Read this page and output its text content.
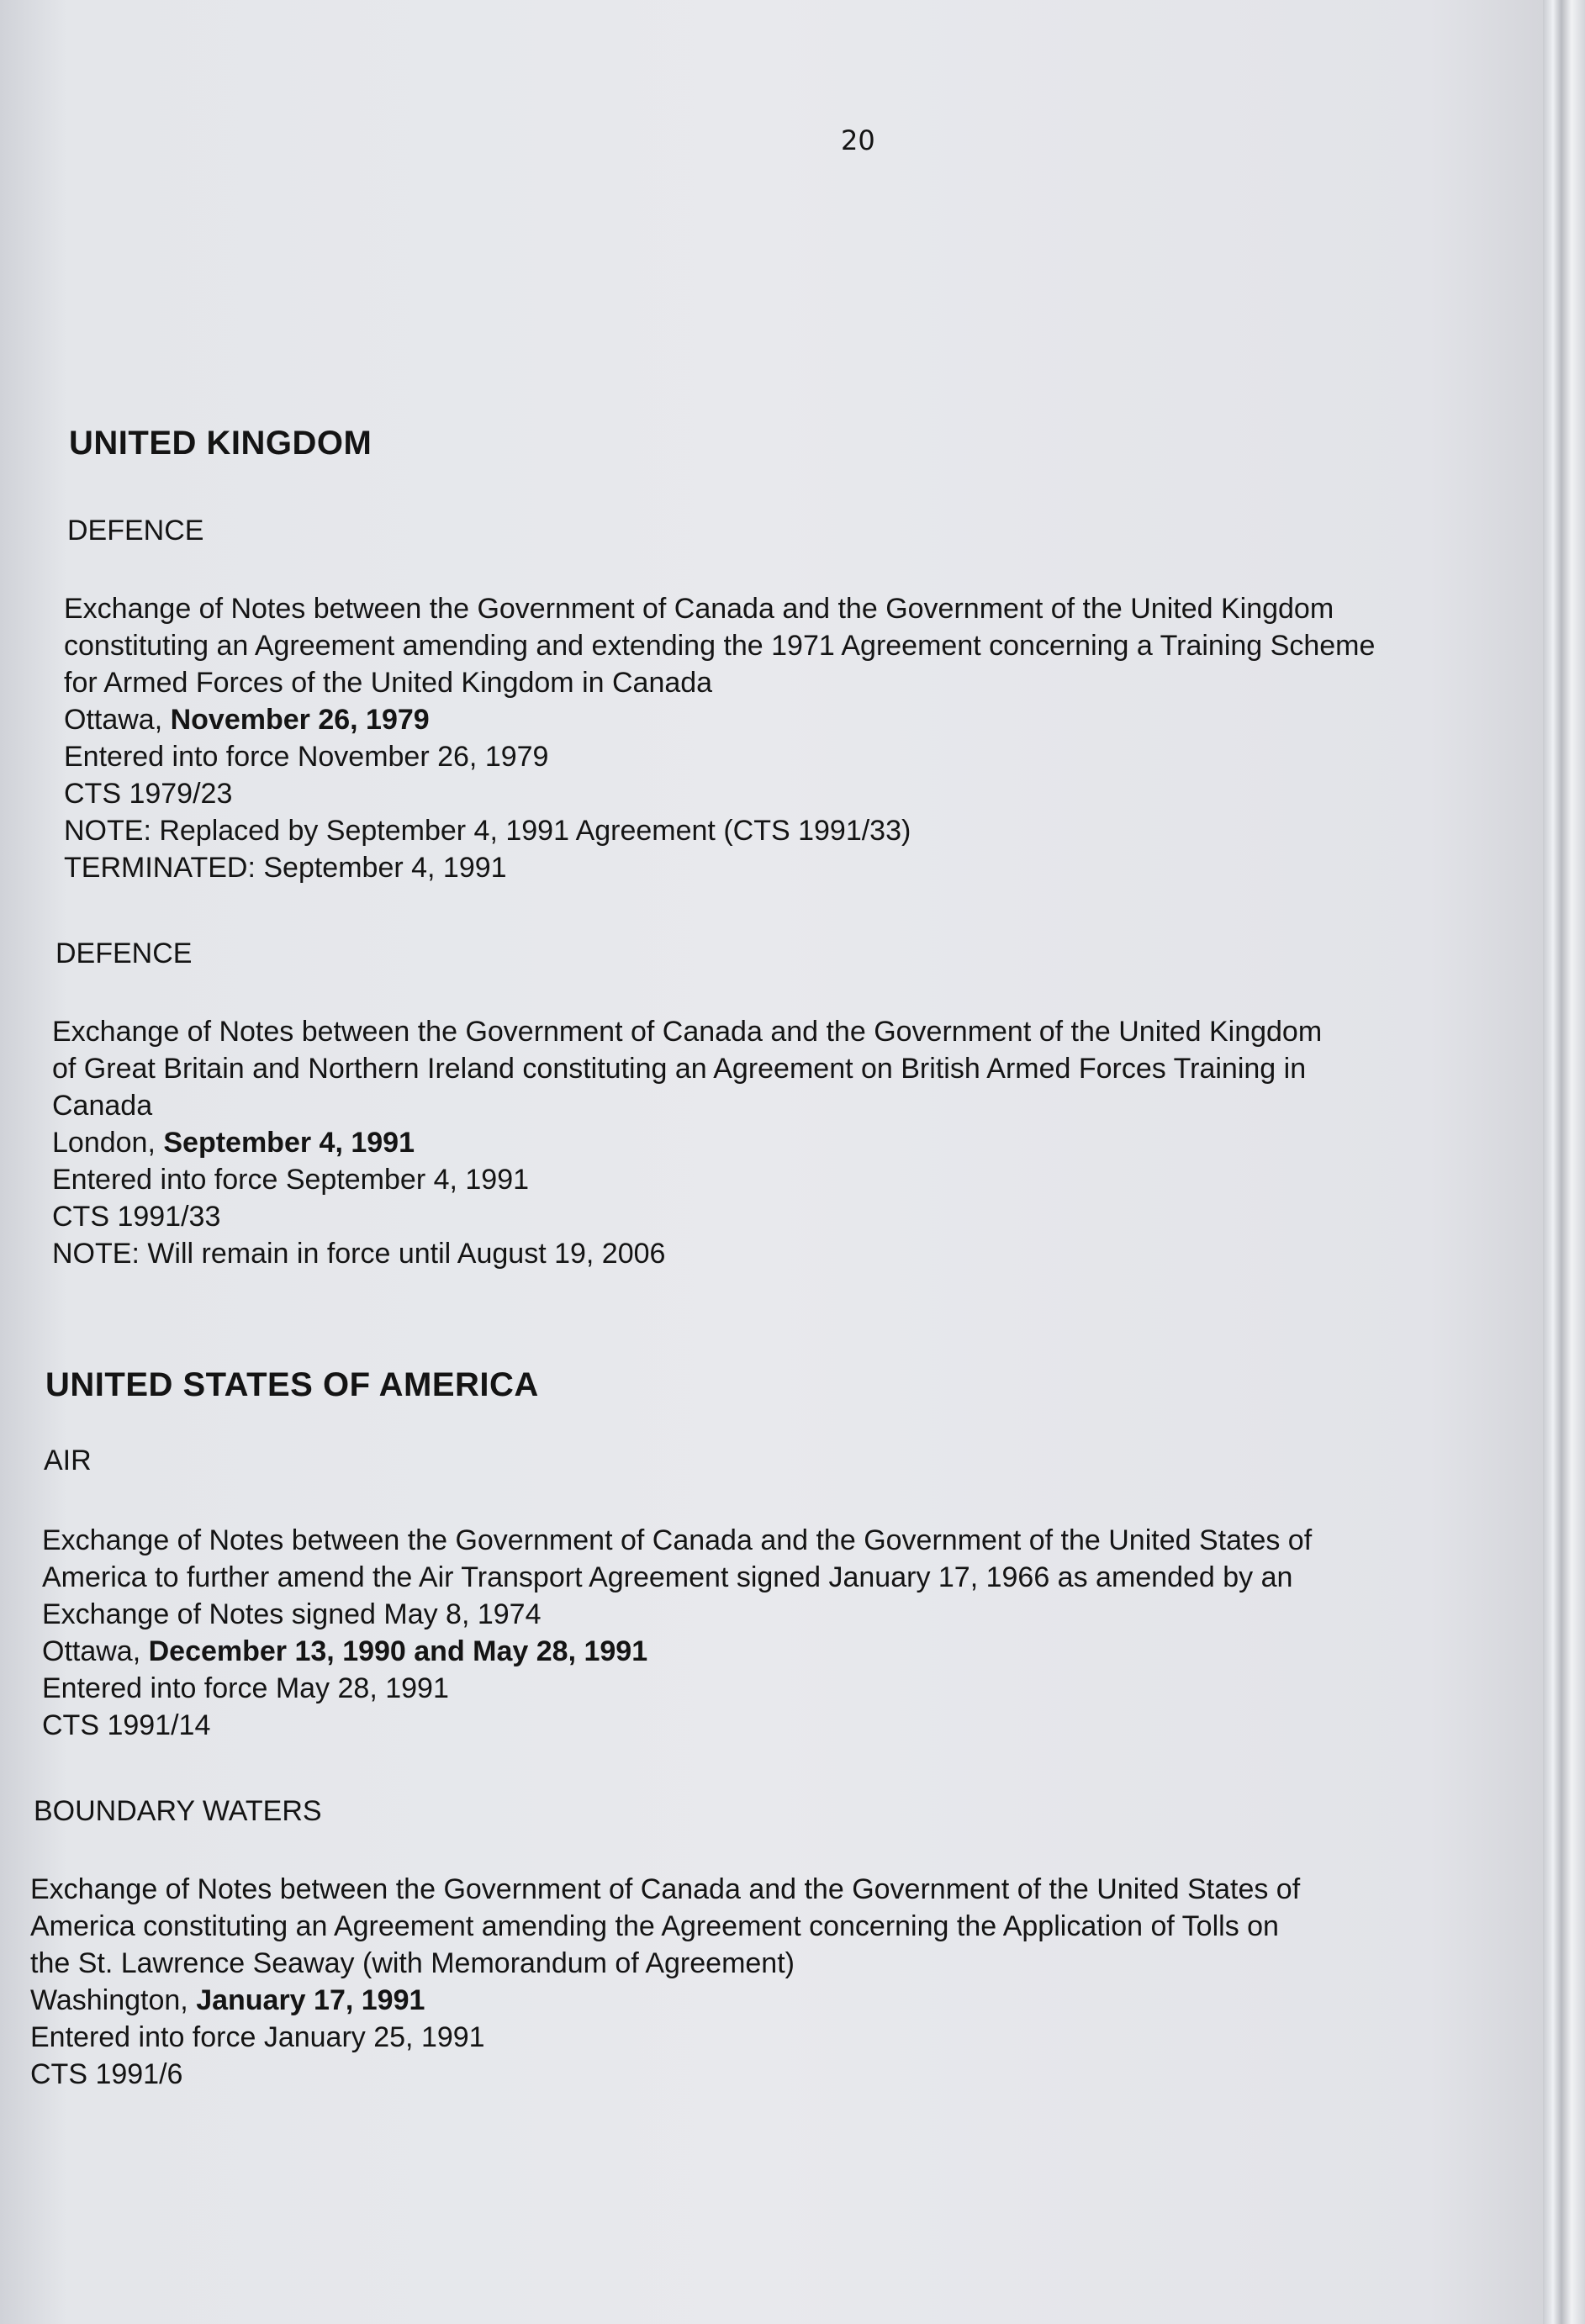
20
UNITED KINGDOM
DEFENCE
Exchange of Notes between the Government of Canada and the Government of the United Kingdom
constituting an Agreement amending and extending the 1971 Agreement concerning a Training Scheme
for Armed Forces of the United Kingdom in Canada
Ottawa, November 26, 1979
Entered into force November 26, 1979
CTS 1979/23
NOTE: Replaced by September 4, 1991 Agreement (CTS 1991/33)
TERMINATED: September 4, 1991
DEFENCE
Exchange of Notes between the Government of Canada and the Government of the United Kingdom
of Great Britain and Northern Ireland constituting an Agreement on British Armed Forces Training in
Canada
London, September 4, 1991
Entered into force September 4, 1991
CTS 1991/33
NOTE: Will remain in force until August 19, 2006
UNITED STATES OF AMERICA
AIR
Exchange of Notes between the Government of Canada and the Government of the United States of
America to further amend the Air Transport Agreement signed January 17, 1966 as amended by an
Exchange of Notes signed May 8, 1974
Ottawa, December 13, 1990 and May 28, 1991
Entered into force May 28, 1991
CTS 1991/14
BOUNDARY WATERS
Exchange of Notes between the Government of Canada and the Government of the United States of
America constituting an Agreement amending the Agreement concerning the Application of Tolls on
the St. Lawrence Seaway (with Memorandum of Agreement)
Washington, January 17, 1991
Entered into force January 25, 1991
CTS 1991/6
